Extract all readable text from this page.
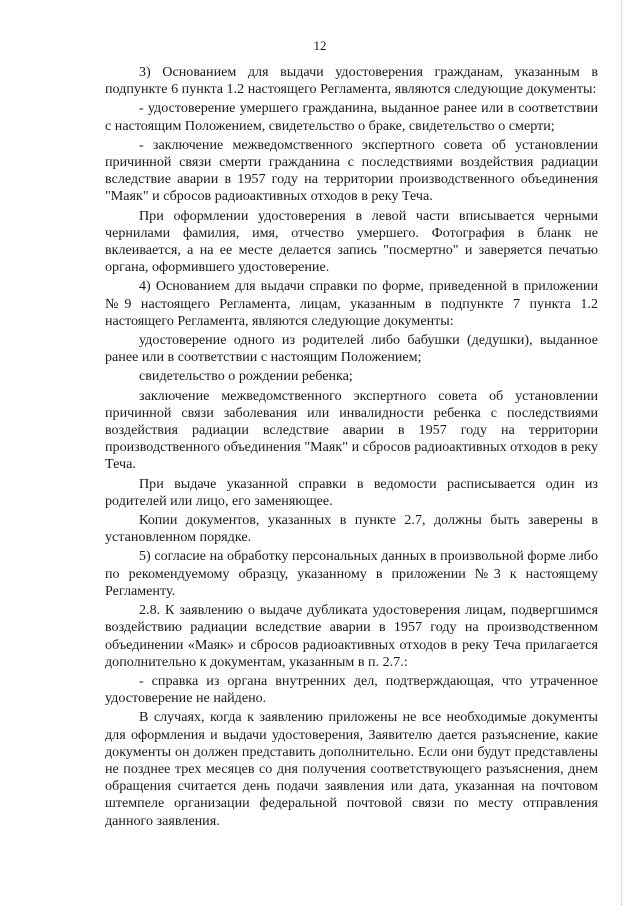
12

3) Основанием для выдачи удостоверения гражданам, указанным в подпункте 6 пункта 1.2 настоящего Регламента, являются следующие документы:

- удостоверение умершего гражданина, выданное ранее или в соответствии с настоящим Положением, свидетельство о браке, свидетельство о смерти;

- заключение межведомственного экспертного совета об установлении причинной связи смерти гражданина с последствиями воздействия радиации вследствие аварии в 1957 году на территории производственного объединения "Маяк" и сбросов радиоактивных отходов в реку Теча.

При оформлении удостоверения в левой части вписывается черными чернилами фамилия, имя, отчество умершего. Фотография в бланк не вклеивается, а на ее месте делается запись "посмертно" и заверяется печатью органа, оформившего удостоверение.

4) Основанием для выдачи справки по форме, приведенной в приложении №9 настоящего Регламента, лицам, указанным в подпункте 7 пункта 1.2 настоящего Регламента, являются следующие документы:

удостоверение одного из родителей либо бабушки (дедушки), выданное ранее или в соответствии с настоящим Положением;

свидетельство о рождении ребенка;

заключение межведомственного экспертного совета об установлении причинной связи заболевания или инвалидности ребенка с последствиями воздействия радиации вследствие аварии в 1957 году на территории производственного объединения "Маяк" и сбросов радиоактивных отходов в реку Теча.

При выдаче указанной справки в ведомости расписывается один из родителей или лицо, его заменяющее.

Копии документов, указанных в пункте 2.7, должны быть заверены в установленном порядке.

5) согласие на обработку персональных данных в произвольной форме либо по рекомендуемому образцу, указанному в приложении №3 к настоящему Регламенту.

2.8. К заявлению о выдаче дубликата удостоверения лицам, подвергшимся воздействию радиации вследствие аварии в 1957 году на производственном объединении «Маяк» и сбросов радиоактивных отходов в реку Теча прилагается дополнительно к документам, указанным в п. 2.7.:

- справка из органа внутренних дел, подтверждающая, что утраченное удостоверение не найдено.

В случаях, когда к заявлению приложены не все необходимые документы для оформления и выдачи удостоверения, Заявителю дается разъяснение, какие документы он должен представить дополнительно. Если они будут представлены не позднее трех месяцев со дня получения соответствующего разъяснения, днем обращения считается день подачи заявления или дата, указанная на почтовом штемпеле организации федеральной почтовой связи по месту отправления данного заявления.
